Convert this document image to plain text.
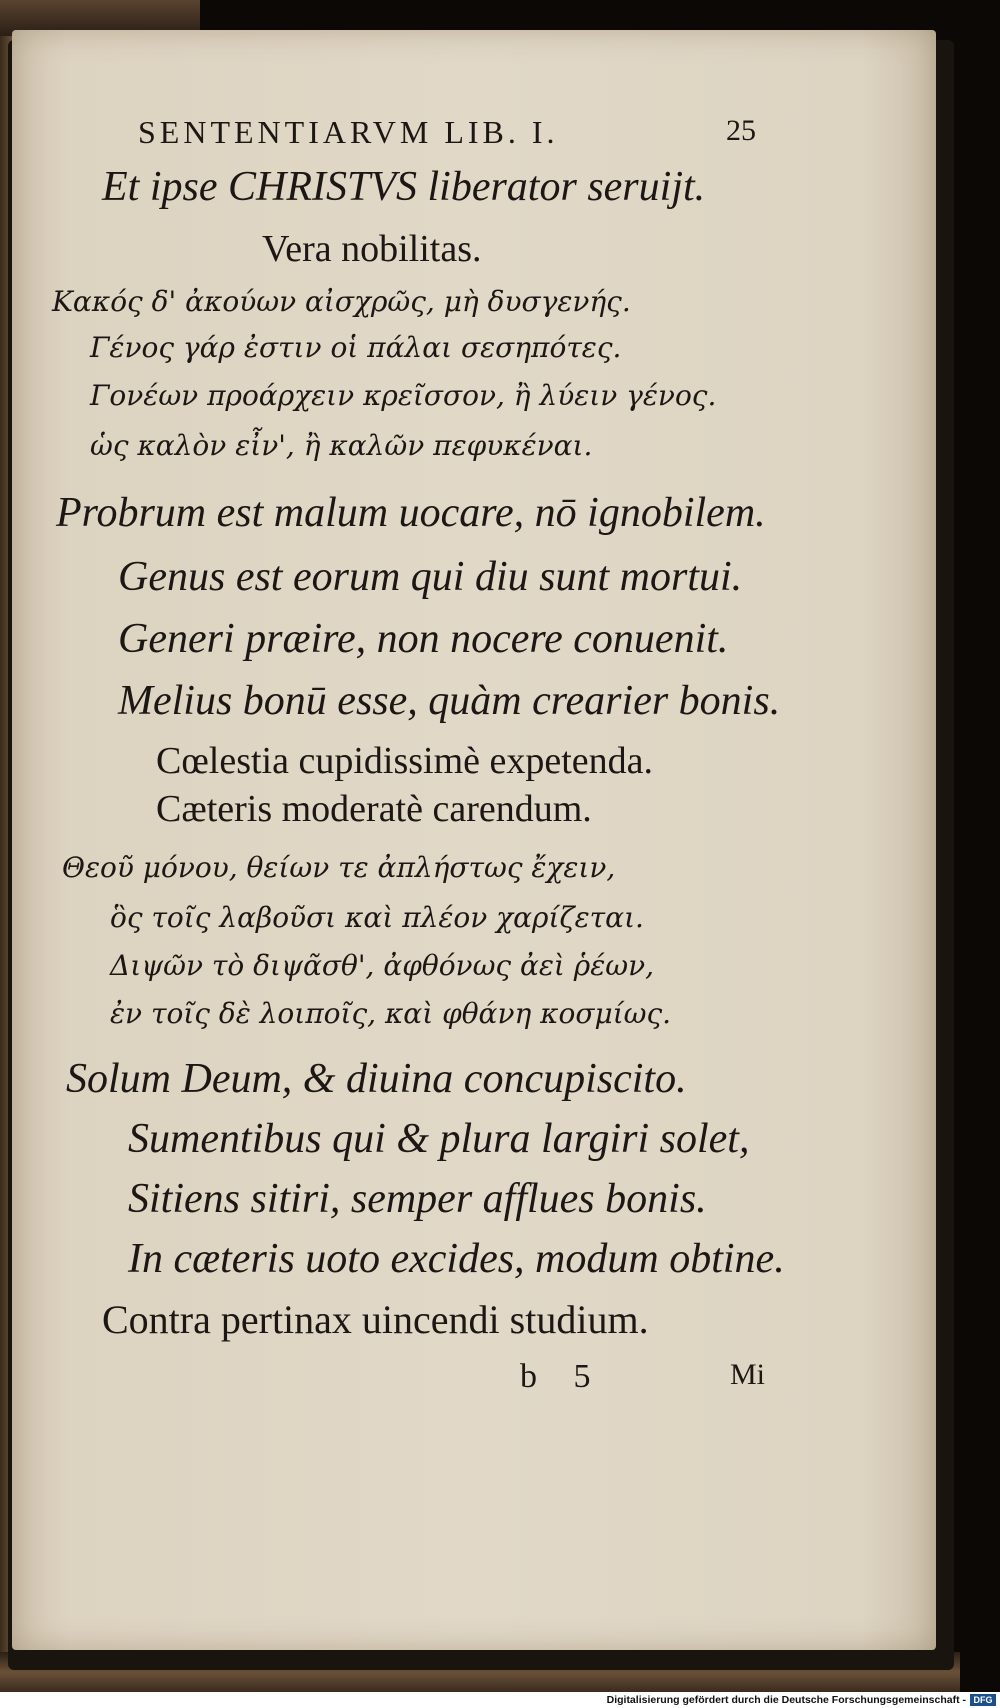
SENTENTIARVM LIB. I.	25
Et ipse CHRISTVS liberator seruijt.
Vera nobilitas.
Κακός δ' ἀκούων αἰσχρῶς, μὴ δυσγενής.
Γένος γάρ ἐστιν οἱ πάλαι σεσηπότες.
Γονέων προάρχειν κρεῖσσον, ἢ λύειν γένος.
ὡς καλὸν εἶν', ἢ καλῶν πεφυκέναι.
Probrum est malum uocare, nō ignobilem.
Genus est eorum qui diu sunt mortui.
Generi præire, non nocere conuenit.
Melius bonū esse, quàm crearier bonis.
Cœlestia cupidissimè expetenda.
Cæteris moderatè carendum.
Θεοῦ μόνου, θείων τε ἀπλήστως ἔχειν,
ὃς τοῖς λαβοῦσι καὶ πλέον χαρίζεται.
Διψῶν τὸ διψᾶσθ', ἀφθόνως ἀεὶ ῥέων,
ἐν τοῖς δὲ λοιποῖς, καὶ φθάνη κοσμίως.
Solum Deum, & diuina concupiscito.
Sumentibus qui & plura largiri solet,
Sitiens sitiri, semper afflues bonis.
In cæteris uoto excides, modum obtine.
Contra pertinax uincendi studium.
b 5	Mi
Digitalisierung gefördert durch die Deutsche Forschungsgemeinschaft - DFG
